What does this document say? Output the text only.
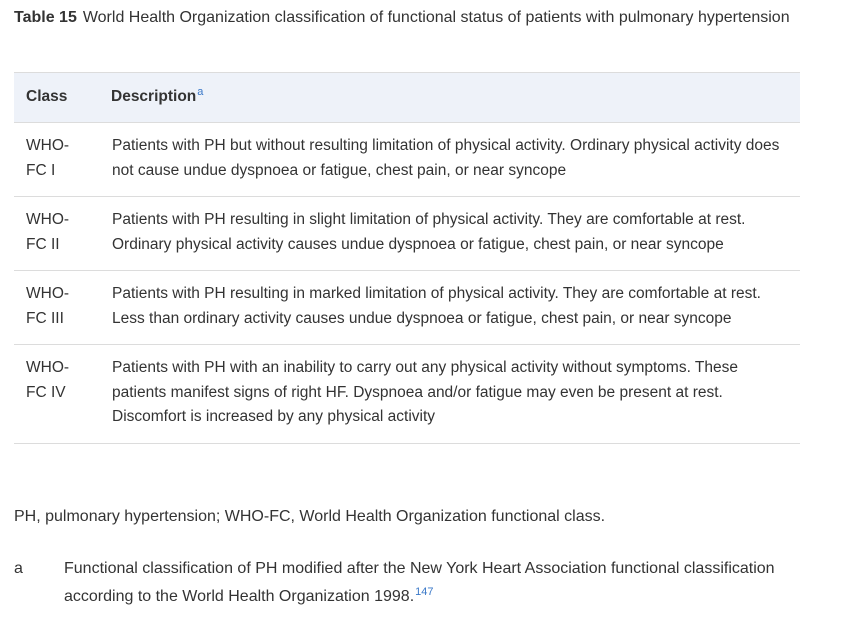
Table 15 World Health Organization classification of functional status of patients with pulmonary hypertension
Class	Description$^a$
WHO-
FC I	Patients with PH but without resulting limitation of physical activity. Ordinary physical activity does not cause undue dyspnoea or fatigue, chest pain, or near syncope
WHO-
FC II	Patients with PH resulting in slight limitation of physical activity. They are comfortable at rest. Ordinary physical activity causes undue dyspnoea or fatigue, chest pain, or near syncope
WHO-
FC III	Patients with PH resulting in marked limitation of physical activity. They are comfortable at rest. Less than ordinary activity causes undue dyspnoea or fatigue, chest pain, or near syncope
WHO-
FC IV	Patients with PH with an inability to carry out any physical activity without symptoms. These patients manifest signs of right HF. Dyspnoea and/or fatigue may even be present at rest. Discomfort is increased by any physical activity
PH, pulmonary hypertension; WHO-FC, World Health Organization functional class.
a	Functional classification of PH modified after the New York Heart Association functional classification according to the World Health Organization 1998.$^{147}$
